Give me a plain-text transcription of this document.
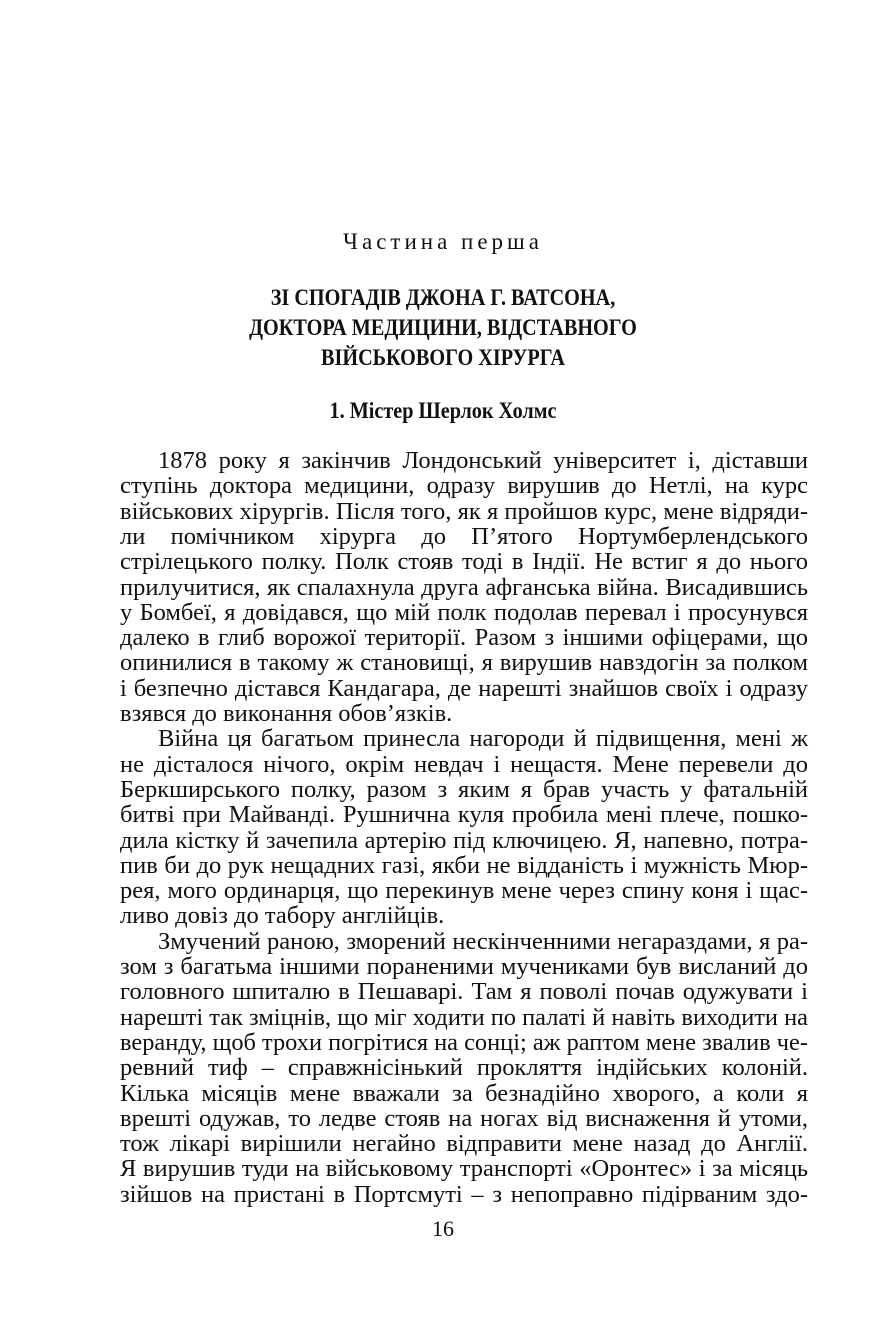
Частина перша
ЗІ СПОГАДІВ ДЖОНА Г. ВАТСОНА,
ДОКТОРА МЕДИЦИНИ, ВІДСТАВНОГО
ВІЙСЬКОВОГО ХІРУРГА
1. Містер Шерлок Холмс
1878 року я закінчив Лондонський університет і, діставши
ступінь доктора медицини, одразу вирушив до Нетлі, на курс
військових хірургів. Після того, як я пройшов курс, мене відряди-
ли помічником хірурга до П’ятого Нортумберлендського
стрілецького полку. Полк стояв тоді в Індії. Не встиг я до нього
прилучитися, як спалахнула друга афганська війна. Висадившись
у Бомбеї, я довідався, що мій полк подолав перевал і просунувся
далеко в глиб ворожої території. Разом з іншими офіцерами, що
опинилися в такому ж становищі, я вирушив навздогін за полком
і безпечно дістався Кандагара, де нарешті знайшов своїх і одразу
взявся до виконання обов’язків.
Війна ця багатьом принесла нагороди й підвищення, мені ж
не дісталося нічого, окрім невдач і нещастя. Мене перевели до
Беркширського полку, разом з яким я брав участь у фатальній
битві при Майванді. Рушнична куля пробила мені плече, пошко-
дила кістку й зачепила артерію під ключицею. Я, напевно, потра-
пив би до рук нещадних газі, якби не відданість і мужність Мюр-
рея, мого ординарця, що перекинув мене через спину коня і щас-
ливо довіз до табору англійців.
Змучений раною, зморений нескінченними негараздами, я ра-
зом з багатьма іншими пораненими мучениками був висланий до
головного шпиталю в Пешаварі. Там я поволі почав одужувати і
нарешті так зміцнів, що міг ходити по палаті й навіть виходити на
веранду, щоб трохи погрітися на сонці; аж раптом мене звалив че-
ревний тиф – справжнісінький прокляття індійських колоній.
Кілька місяців мене вважали за безнадійно хворого, а коли я
врешті одужав, то ледве стояв на ногах від виснаження й утоми,
тож лікарі вирішили негайно відправити мене назад до Англії.
Я вирушив туди на військовому транспорті «Оронтес» і за місяць
зійшов на пристані в Портсмуті – з непоправно підірваним здо-
16
